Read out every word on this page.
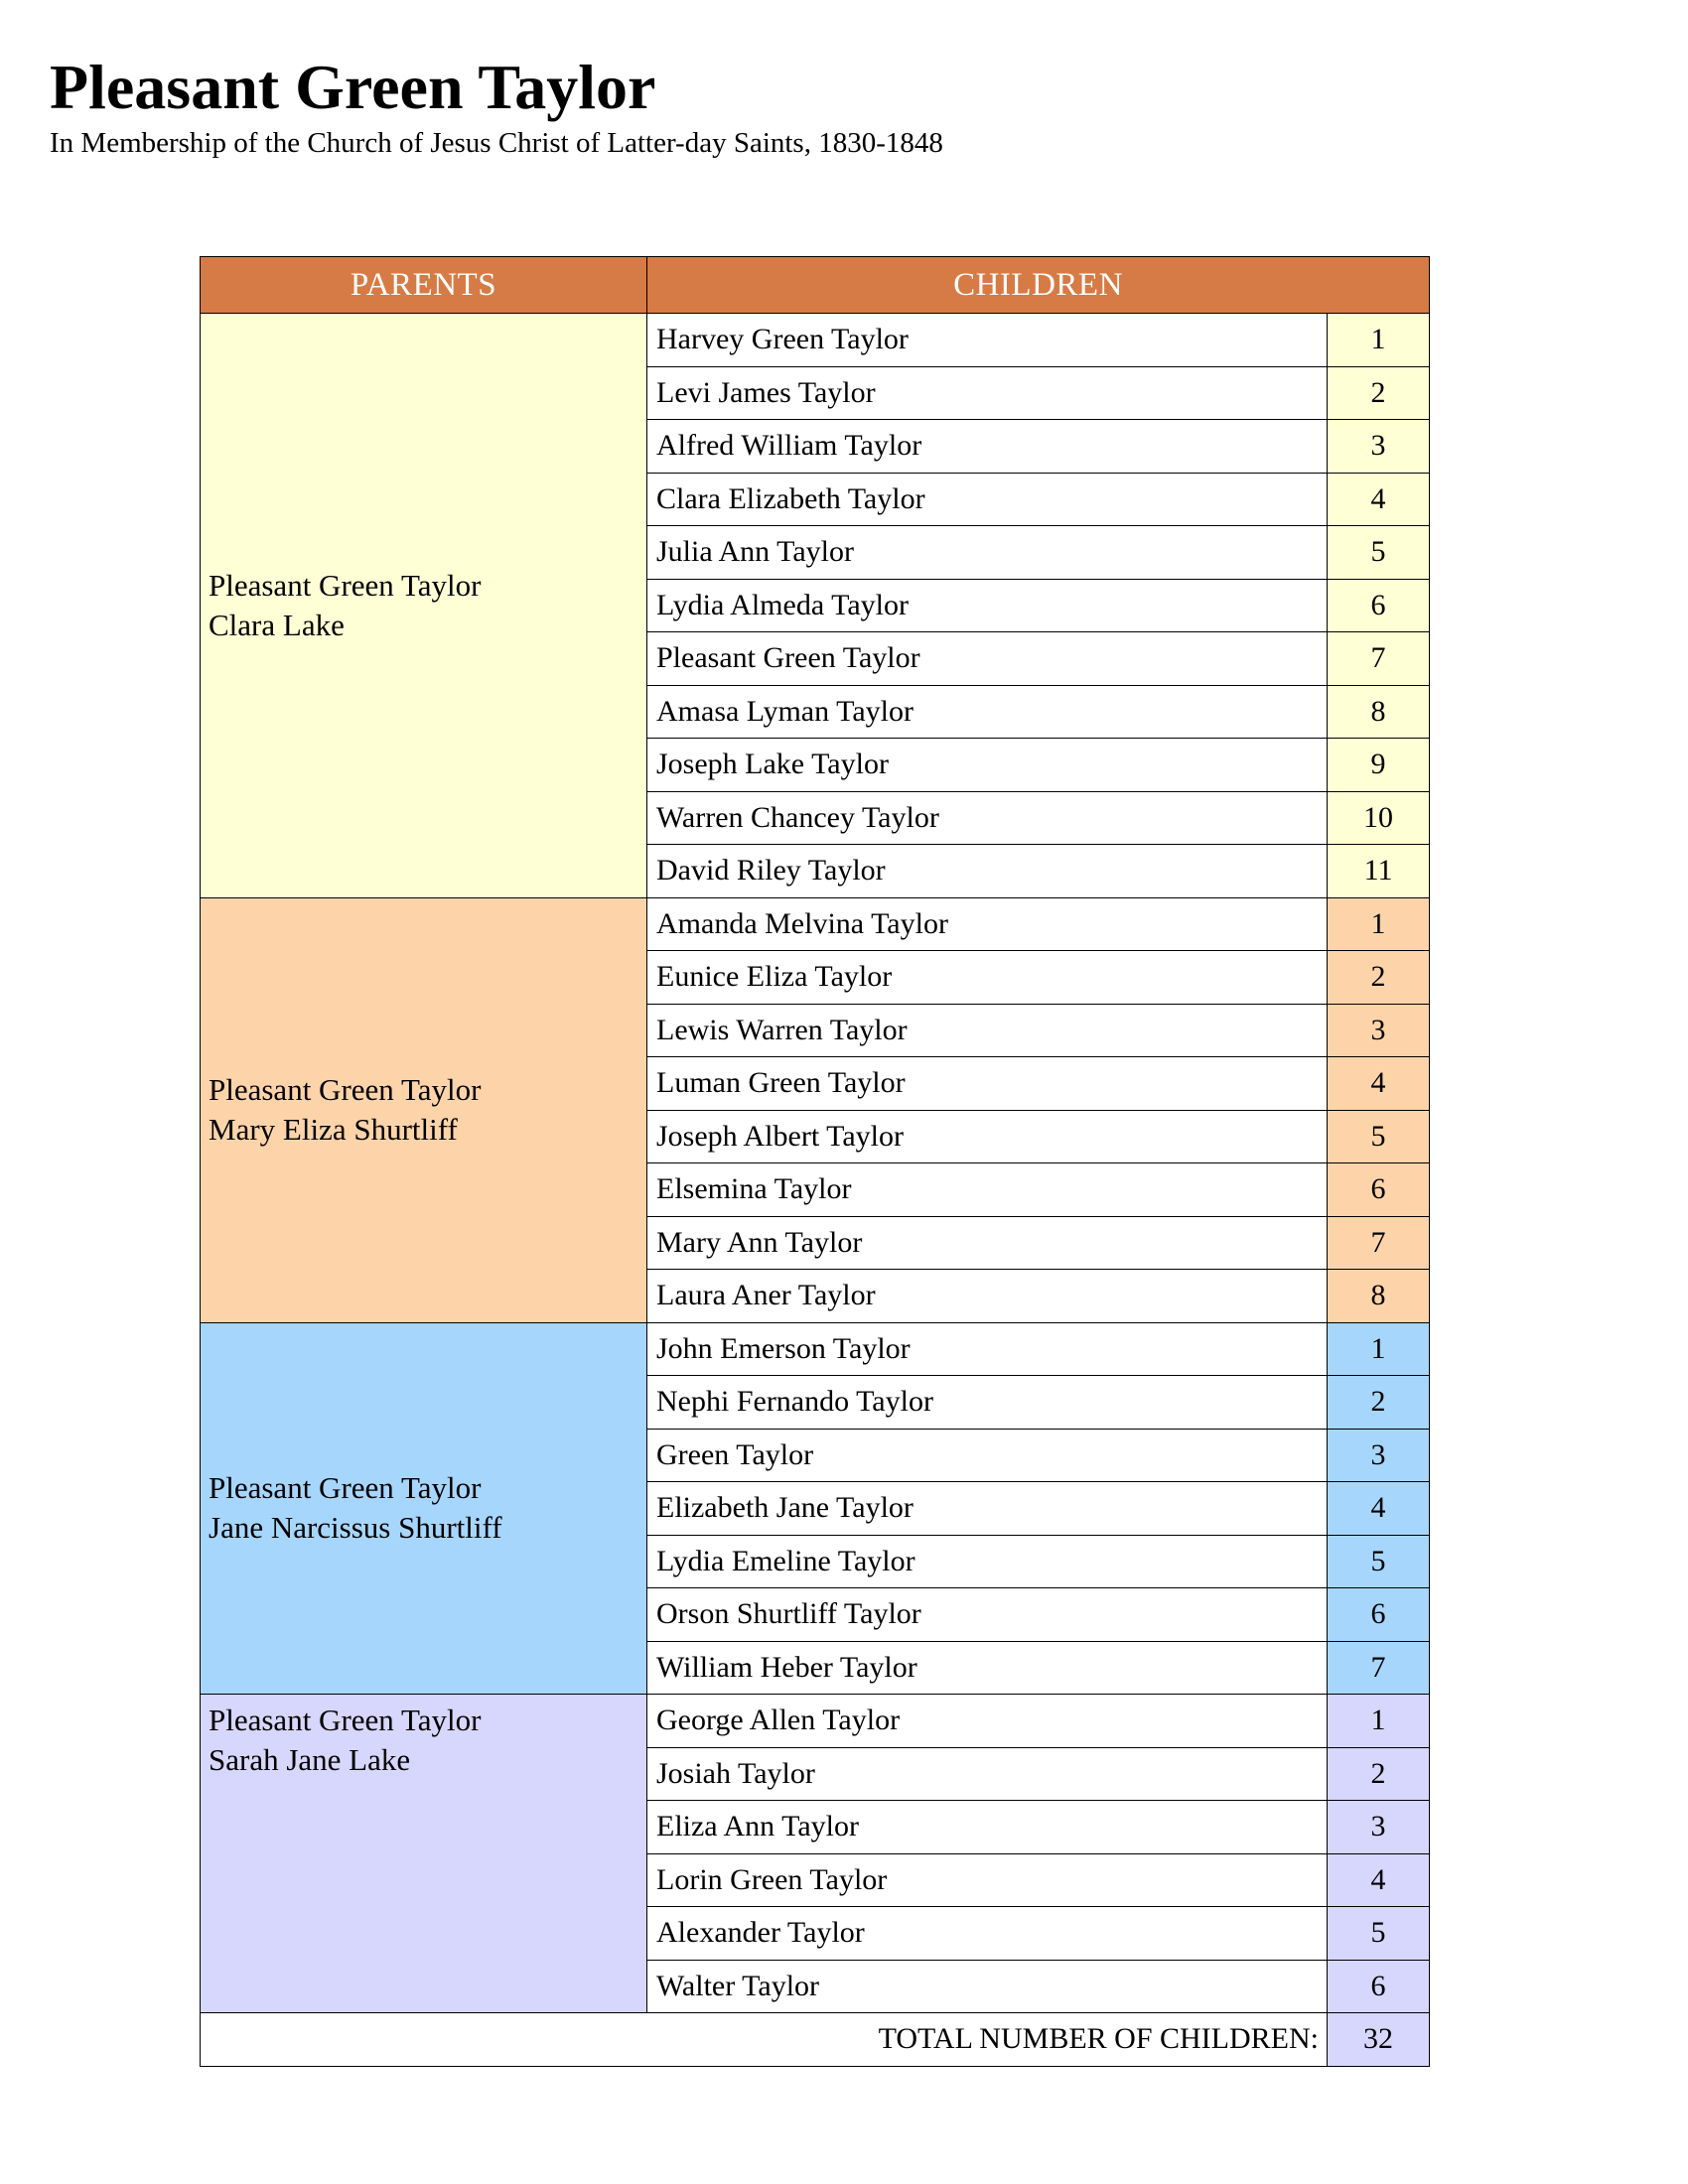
Pleasant Green Taylor

In Membership of the Church of Jesus Christ of Latter-day Saints, 1830-1848

PARENTS	CHILDREN	

Pleasant Green Taylor
Clara Lake	Harvey Green Taylor	1
	Levi James Taylor	2
	Alfred William Taylor	3
	Clara Elizabeth Taylor	4
	Julia Ann Taylor	5
	Lydia Almeda Taylor	6
	Pleasant Green Taylor	7
	Amasa Lyman Taylor	8
	Joseph Lake Taylor	9
	Warren Chancey Taylor	10
	David Riley Taylor	11

Pleasant Green Taylor
Mary Eliza Shurtliff	Amanda Melvina Taylor	1
	Eunice Eliza Taylor	2
	Lewis Warren Taylor	3
	Luman Green Taylor	4
	Joseph Albert Taylor	5
	Elsemina Taylor	6
	Mary Ann Taylor	7
	Laura Aner Taylor	8

Pleasant Green Taylor
Jane Narcissus Shurtliff	John Emerson Taylor	1
	Nephi Fernando Taylor	2
	Green Taylor	3
	Elizabeth Jane Taylor	4
	Lydia Emeline Taylor	5
	Orson Shurtliff Taylor	6
	William Heber Taylor	7

Pleasant Green Taylor
Sarah Jane Lake	George Allen Taylor	1
	Josiah Taylor	2
	Eliza Ann Taylor	3
	Lorin Green Taylor	4
	Alexander Taylor	5
	Walter Taylor	6
TOTAL NUMBER OF CHILDREN:		32
